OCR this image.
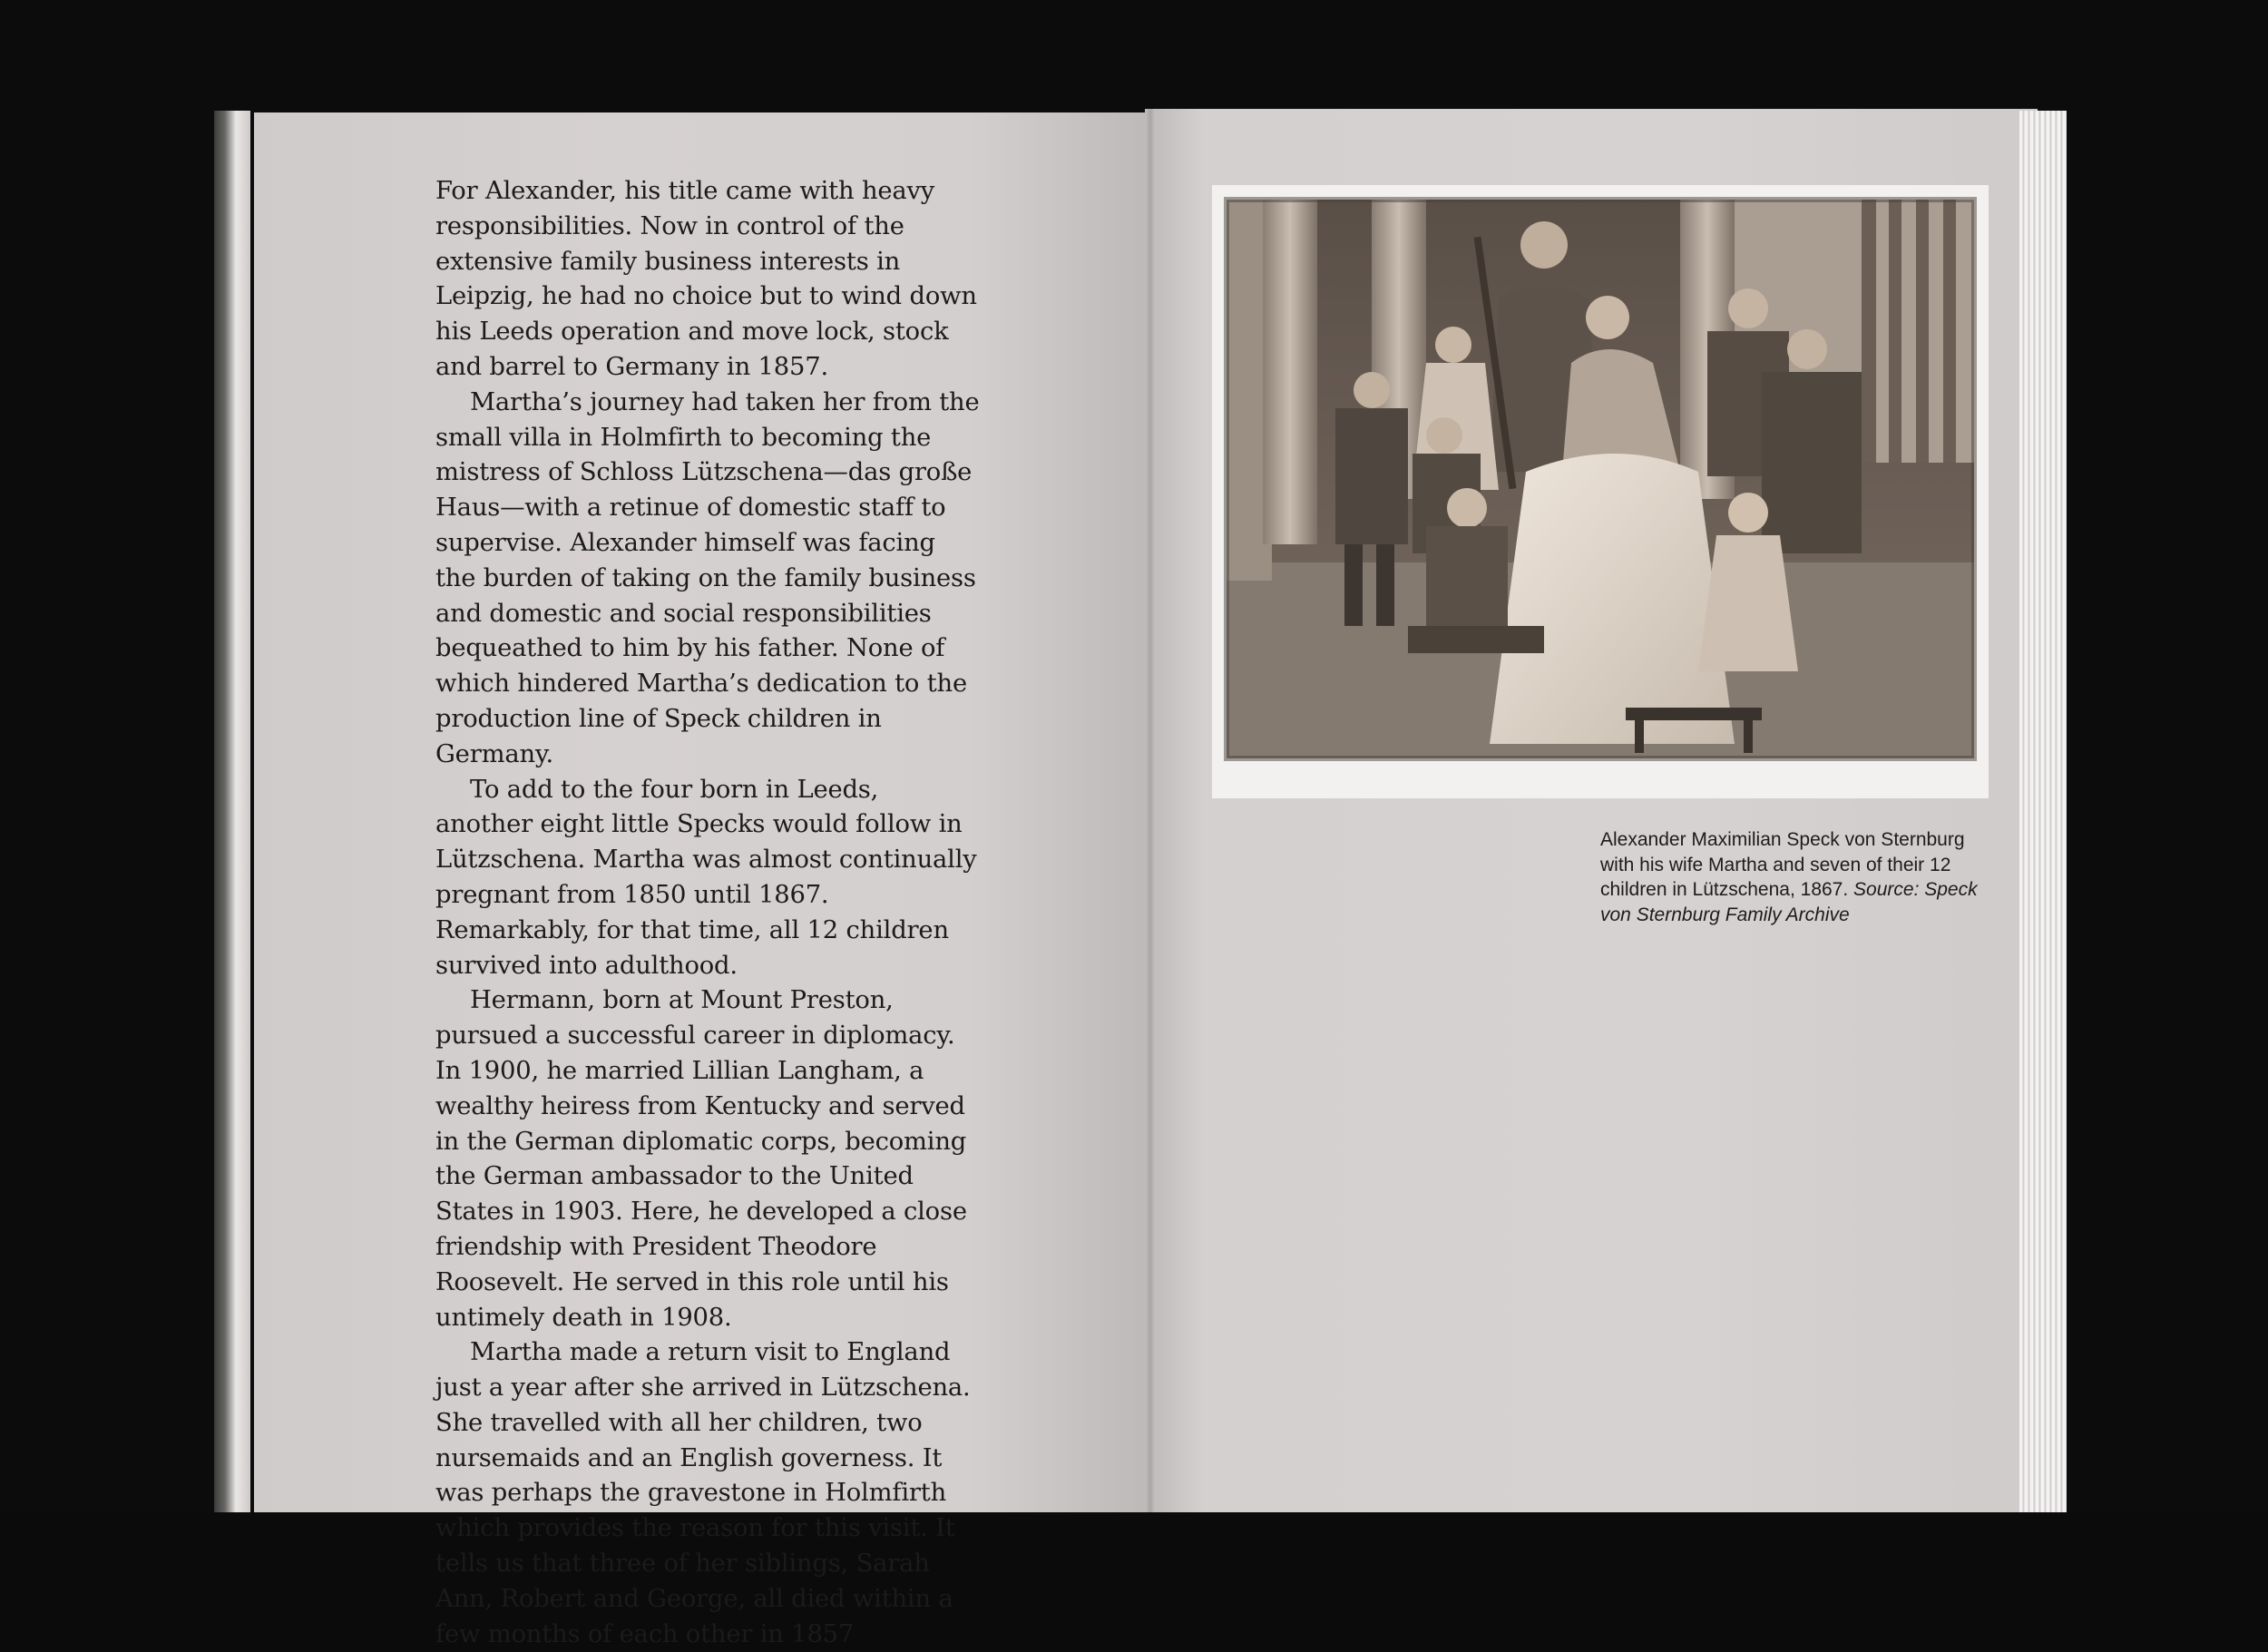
For Alexander, his title came with heavy responsibilities. Now in control of the extensive family business interests in Leipzig, he had no choice but to wind down his Leeds operation and move lock, stock and barrel to Germany in 1857.

Martha’s journey had taken her from the small villa in Holmfirth to becoming the mistress of Schloss Lützschena—das große Haus—with a retinue of domestic staff to supervise. Alexander himself was facing the burden of taking on the family business and domestic and social responsibilities bequeathed to him by his father. None of which hindered Martha’s dedication to the production line of Speck children in Germany.

To add to the four born in Leeds, another eight little Specks would follow in Lützschena. Martha was almost continually pregnant from 1850 until 1867. Remarkably, for that time, all 12 children survived into adulthood.

Hermann, born at Mount Preston, pursued a successful career in diplomacy. In 1900, he married Lillian Langham, a wealthy heiress from Kentucky and served in the German diplomatic corps, becoming the German ambassador to the United States in 1903. Here, he developed a close friendship with President Theodore Roosevelt. He served in this role until his untimely death in 1908.

Martha made a return visit to England just a year after she arrived in Lützschena. She travelled with all her children, two nursemaids and an English governess. It was perhaps the gravestone in Holmfirth which provides the reason for this visit. It tells us that three of her siblings, Sarah Ann, Robert and George, all died within a few months of each other in 1857

Alexander Maximilian Speck von Sternburg with his wife Martha and seven of their 12 children in Lützschena, 1867. Source: Speck von Sternburg Family Archive
